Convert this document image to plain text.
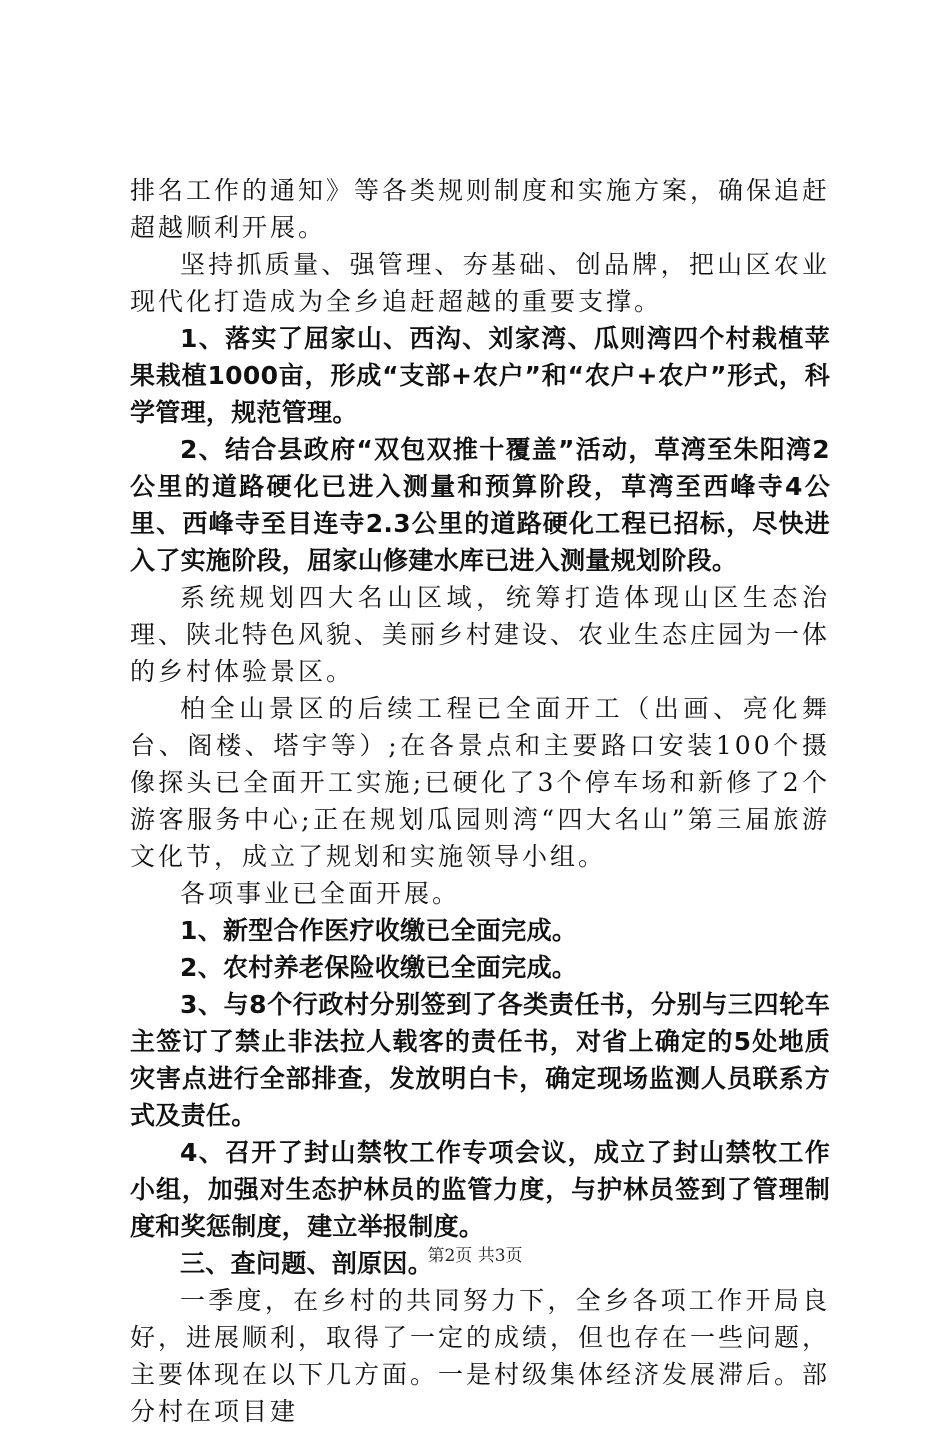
排名工作的通知》等各类规则制度和实施方案，确保追赶超越顺利开展。

坚持抓质量、强管理、夯基础、创品牌，把山区农业现代化打造成为全乡追赶超越的重要支撑。

1、落实了屈家山、西沟、刘家湾、瓜则湾四个村栽植苹果栽植1000亩，形成“支部+农户”和“农户+农户”形式，科学管理，规范管理。

2、结合县政府“双包双推十覆盖”活动，草湾至朱阳湾2公里的道路硬化已进入测量和预算阶段，草湾至西峰寺4公里、西峰寺至目连寺2.3公里的道路硬化工程已招标，尽快进入了实施阶段，屈家山修建水库已进入测量规划阶段。

系统规划四大名山区域，统筹打造体现山区生态治理、陕北特色风貌、美丽乡村建设、农业生态庄园为一体的乡村体验景区。

柏全山景区的后续工程已全面开工（出画、亮化舞台、阁楼、塔宇等）;在各景点和主要路口安装100个摄像探头已全面开工实施;已硬化了3个停车场和新修了2个游客服务中心;正在规划瓜园则湾“四大名山”第三届旅游文化节，成立了规划和实施领导小组。

各项事业已全面开展。

1、新型合作医疗收缴已全面完成。

2、农村养老保险收缴已全面完成。

3、与8个行政村分别签到了各类责任书，分别与三四轮车主签订了禁止非法拉人载客的责任书，对省上确定的5处地质灾害点进行全部排查，发放明白卡，确定现场监测人员联系方式及责任。

4、召开了封山禁牧工作专项会议，成立了封山禁牧工作小组，加强对生态护林员的监管力度，与护林员签到了管理制度和奖惩制度，建立举报制度。

三、查问题、剖原因。

一季度，在乡村的共同努力下，全乡各项工作开局良好，进展顺利，取得了一定的成绩，但也存在一些问题，主要体现在以下几方面。一是村级集体经济发展滞后。部分村在项目建

第2页 共3页
